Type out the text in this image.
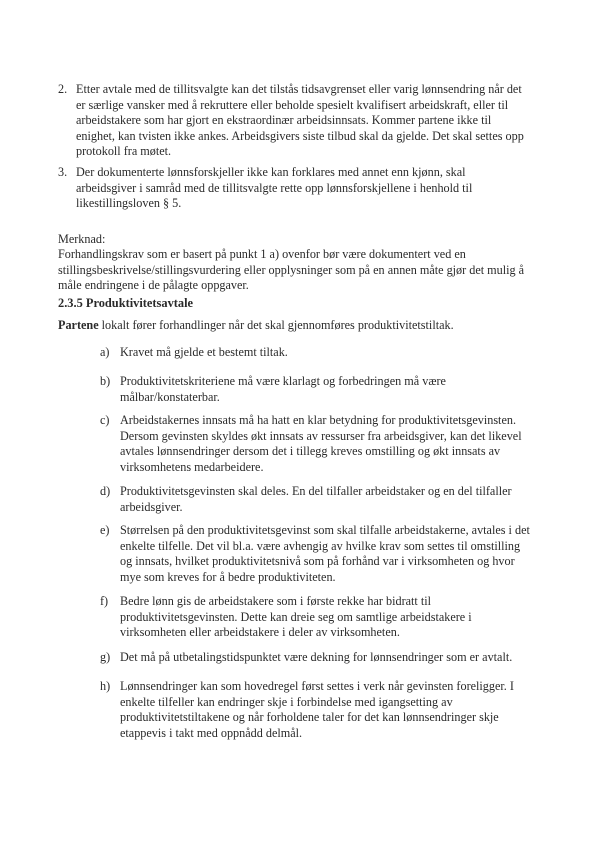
2. Etter avtale med de tillitsvalgte kan det tilstås tidsavgrenset eller varig lønnsendring når det er særlige vansker med å rekruttere eller beholde spesielt kvalifisert arbeidskraft, eller til arbeidstakere som har gjort en ekstraordinær arbeidsinnsats. Kommer partene ikke til enighet, kan tvisten ikke ankes. Arbeidsgivers siste tilbud skal da gjelde. Det skal settes opp protokoll fra møtet.
3. Der dokumenterte lønnsforskjeller ikke kan forklares med annet enn kjønn, skal arbeidsgiver i samråd med de tillitsvalgte rette opp lønnsforskjellene i henhold til likestillingsloven § 5.
Merknad:
Forhandlingskrav som er basert på punkt 1 a) ovenfor bør være dokumentert ved en stillingsbeskrivelse/stillingsvurdering eller opplysninger som på en annen måte gjør det mulig å måle endringene i de pålagte oppgaver.
2.3.5 Produktivitetsavtale
Partene lokalt fører forhandlinger når det skal gjennomføres produktivitetstiltak.
a) Kravet må gjelde et bestemt tiltak.
b) Produktivitetskriteriene må være klarlagt og forbedringen må være målbar/konstaterbar.
c) Arbeidstakernes innsats må ha hatt en klar betydning for produktivitetsgevinsten. Dersom gevinsten skyldes økt innsats av ressurser fra arbeidsgiver, kan det likevel avtales lønnsendringer dersom det i tillegg kreves omstilling og økt innsats av virksomhetens medarbeidere.
d) Produktivitetsgevinsten skal deles. En del tilfaller arbeidstaker og en del tilfaller arbeidsgiver.
e) Størrelsen på den produktivitetsgevinst som skal tilfalle arbeidstakerne, avtales i det enkelte tilfelle. Det vil bl.a. være avhengig av hvilke krav som settes til omstilling og innsats, hvilket produktivitetsnivå som på forhånd var i virksomheten og hvor mye som kreves for å bedre produktiviteten.
f) Bedre lønn gis de arbeidstakere som i første rekke har bidratt til produktivitetsgevinsten. Dette kan dreie seg om samtlige arbeidstakere i virksomheten eller arbeidstakere i deler av virksomheten.
g) Det må på utbetalingstidspunktet være dekning for lønnsendringer som er avtalt.
h) Lønnsendringer kan som hovedregel først settes i verk når gevinsten foreligger. I enkelte tilfeller kan endringer skje i forbindelse med igangsetting av produktivitetstiltakene og når forholdene taler for det kan lønnsendringer skje etappevis i takt med oppnådd delmål.
